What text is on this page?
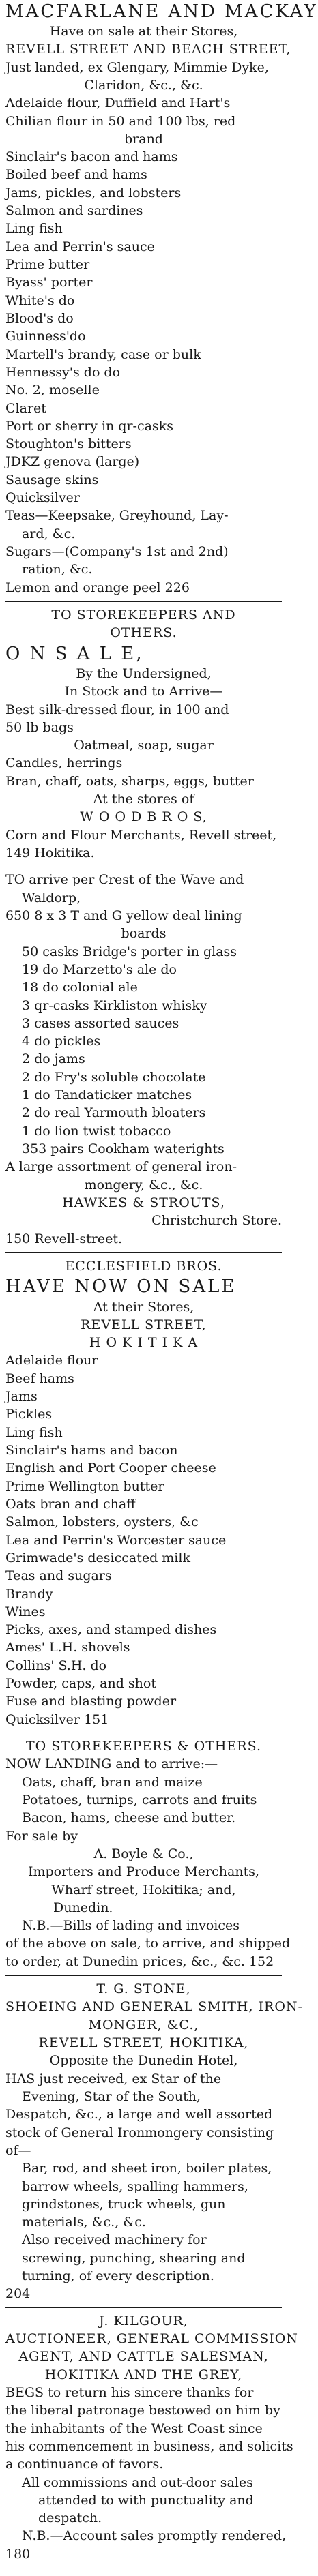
MACFARLANE AND MACKAY
Have on sale at their Stores,
REVELL STREET AND BEACH STREET,
Just landed, ex Glengary, Mimmie Dyke,
Claridon, &c., &c.
Adelaide flour, Duffield and Hart's
Chilian flour in 50 and 100 lbs, red
brand
Sinclair's bacon and hams
Boiled beef and hams
Jams, pickles, and lobsters
Salmon and sardines
Ling fish
Lea and Perrin's sauce
Prime butter
Byass' porter
White's do
Blood's do
Guinness'do
Martell's brandy, case or bulk
Hennessy's do do
No. 2, moselle
Claret
Port or sherry in qr-casks
Stoughton's bitters
JDKZ genova (large)
Sausage skins
Quicksilver
Teas—Keepsake, Greyhound, Lay-
ard, &c.
Sugars—(Company's 1st and 2nd)
ration, &c.
Lemon and orange peel 226
TO STOREKEEPERS AND
OTHERS.
O N S A L E,
By the Undersigned,
In Stock and to Arrive—
Best silk-dressed flour, in 100 and
50 lb bags
Oatmeal, soap, sugar
Candles, herrings
Bran, chaff, oats, sharps, eggs, butter
At the stores of
W O O D B R O S,
Corn and Flour Merchants, Revell street,
149 Hokitika.
TO arrive per Crest of the Wave and
Waldorp,
650 8 x 3 T and G yellow deal lining
boards
50 casks Bridge's porter in glass
19 do Marzetto's ale do
18 do colonial ale
3 qr-casks Kirkliston whisky
3 cases assorted sauces
4 do pickles
2 do jams
2 do Fry's soluble chocolate
1 do Tandaticker matches
2 do real Yarmouth bloaters
1 do lion twist tobacco
353 pairs Cookham waterights
A large assortment of general iron-
mongery, &c., &c.
HAWKES & STROUTS,
Christchurch Store.
150 Revell-street.
ECCLESFIELD BROS.
HAVE NOW ON SALE
At their Stores,
REVELL STREET,
H O K I T I K A
Adelaide flour
Beef hams
Jams
Pickles
Ling fish
Sinclair's hams and bacon
English and Port Cooper cheese
Prime Wellington butter
Oats bran and chaff
Salmon, lobsters, oysters, &c
Lea and Perrin's Worcester sauce
Grimwade's desiccated milk
Teas and sugars
Brandy
Wines
Picks, axes, and stamped dishes
Ames' L.H. shovels
Collins' S.H. do
Powder, caps, and shot
Fuse and blasting powder
Quicksilver 151
TO STOREKEEPERS & OTHERS.
NOW LANDING and to arrive:—
Oats, chaff, bran and maize
Potatoes, turnips, carrots and fruits
Bacon, hams, cheese and butter.
For sale by
A. Boyle & Co.,
Importers and Produce Merchants,
Wharf street, Hokitika; and,
Dunedin.
N.B.—Bills of lading and invoices
of the above on sale, to arrive, and shipped
to order, at Dunedin prices, &c., &c. 152
T. G. STONE,
SHOEING AND GENERAL SMITH, IRON-
MONGER, &C.,
REVELL STREET, HOKITIKA,
Opposite the Dunedin Hotel,
HAS just received, ex Star of the
Evening, Star of the South,
Despatch, &c., a large and well assorted
stock of General Ironmongery consisting
of—
Bar, rod, and sheet iron, boiler plates,
barrow wheels, spalling hammers,
grindstones, truck wheels, gun
materials, &c., &c.
Also received machinery for
screwing, punching, shearing and
turning, of every description.
204
J. KILGOUR,
AUCTIONEER, GENERAL COMMISSION
AGENT, AND CATTLE SALESMAN,
HOKITIKA AND THE GREY,
BEGS to return his sincere thanks for
the liberal patronage bestowed on him by
the inhabitants of the West Coast since
his commencement in business, and solicits
a continuance of favors.
All commissions and out-door sales
attended to with punctuality and
despatch.
N.B.—Account sales promptly rendered,
180
